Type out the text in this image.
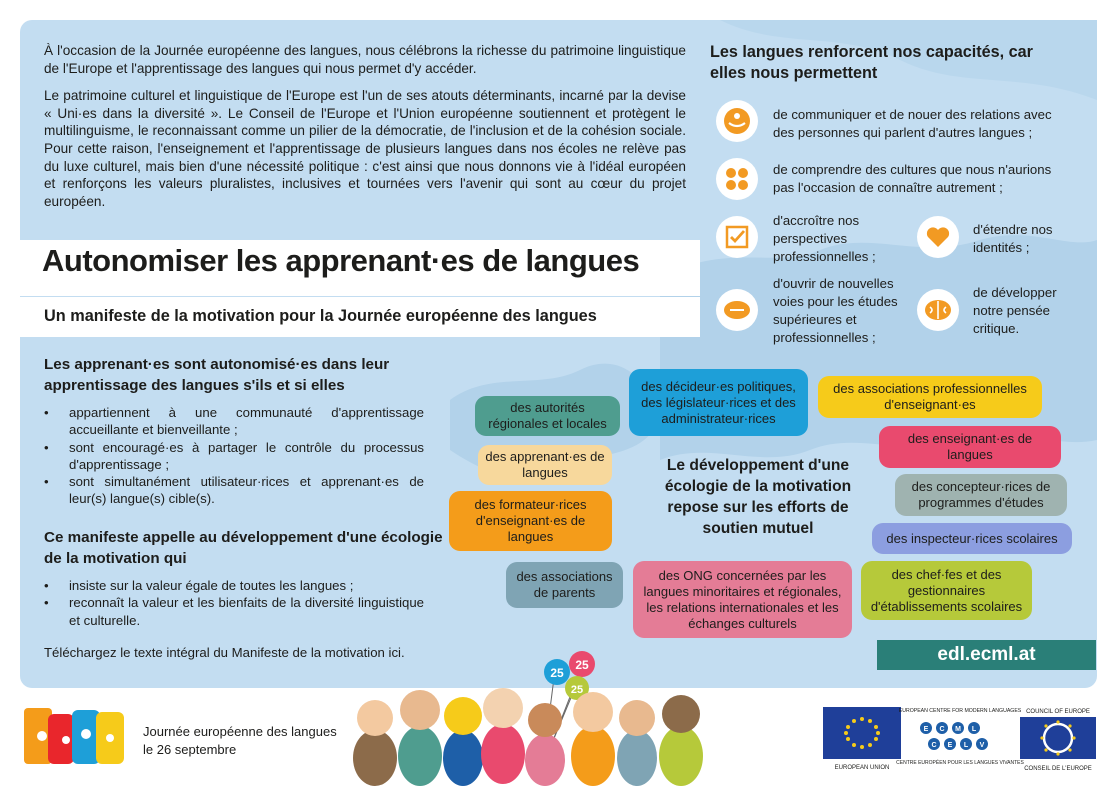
À l'occasion de la Journée européenne des langues, nous célébrons la richesse du patrimoine linguistique de l'Europe et l'apprentissage des langues qui nous permet d'y accéder.

Le patrimoine culturel et linguistique de l'Europe est l'un de ses atouts déterminants, incarné par la devise « Uni·es dans la diversité ». Le Conseil de l'Europe et l'Union européenne soutiennent et protègent le multilinguisme, le reconnaissant comme un pilier de la démocratie, de l'inclusion et de la cohésion sociale. Pour cette raison, l'enseignement et l'apprentissage de plusieurs langues dans nos écoles ne relève pas du luxe culturel, mais bien d'une nécessité politique : c'est ainsi que nous donnons vie à l'idéal européen et renforçons les valeurs pluralistes, inclusives et tournées vers l'avenir qui sont au cœur du projet européen.

Autonomiser les apprenant·es de langues
Un manifeste de la motivation pour la Journée européenne des langues
Les apprenant·es sont autonomisé·es dans leur apprentissage des langues s'ils et si elles
• appartiennent à une communauté d'apprentissage accueillante et bienveillante ;
• sont encouragé·es à partager le contrôle du processus d'apprentissage ;
• sont simultanément utilisateur·rices et apprenant·es de leur(s) langue(s) cible(s).
Ce manifeste appelle au développement d'une écologie de la motivation qui
• insiste sur la valeur égale de toutes les langues ;
• reconnaît la valeur et les bienfaits de la diversité linguistique et culturelle.

Téléchargez le texte intégral du Manifeste de la motivation ici.

Les langues renforcent nos capacités, car elles nous permettent

de communiquer et de nouer des relations avec des personnes qui parlent d'autres langues ;

de comprendre des cultures que nous n'aurions pas l'occasion de connaître autrement ;

d'accroître nos perspectives professionnelles ;

d'étendre nos identités ;

d'ouvrir de nouvelles voies pour les études supérieures et professionnelles ;

de développer notre pensée critique.

des autorités régionales et locales
des décideur·es politiques, des législateur·rices et des administrateur·rices
des associations professionnelles d'enseignant·es
des apprenant·es de langues
des enseignant·es de langues
des concepteur·rices de programmes d'études
des formateur·rices d'enseignant·es de langues	des inspecteur·rices scolaires
des associations de parents
des ONG concernées par les langues minoritaires et régionales, les relations internationales et les échanges culturels
des chef·fes et des gestionnaires d'établissements scolaires

Le développement d'une écologie de la motivation repose sur les efforts de soutien mutuel

edl.ecml.at
Journée européenne des langues
le 26 septembre
25
25
25
EUROPEAN UNION
EUROPEAN CENTRE FOR MODERN LANGUAGES
E C M L
C E L V
CENTRE EUROPÉEN POUR LES LANGUES VIVANTES
COUNCIL OF EUROPE
CONSEIL DE L'EUROPE
